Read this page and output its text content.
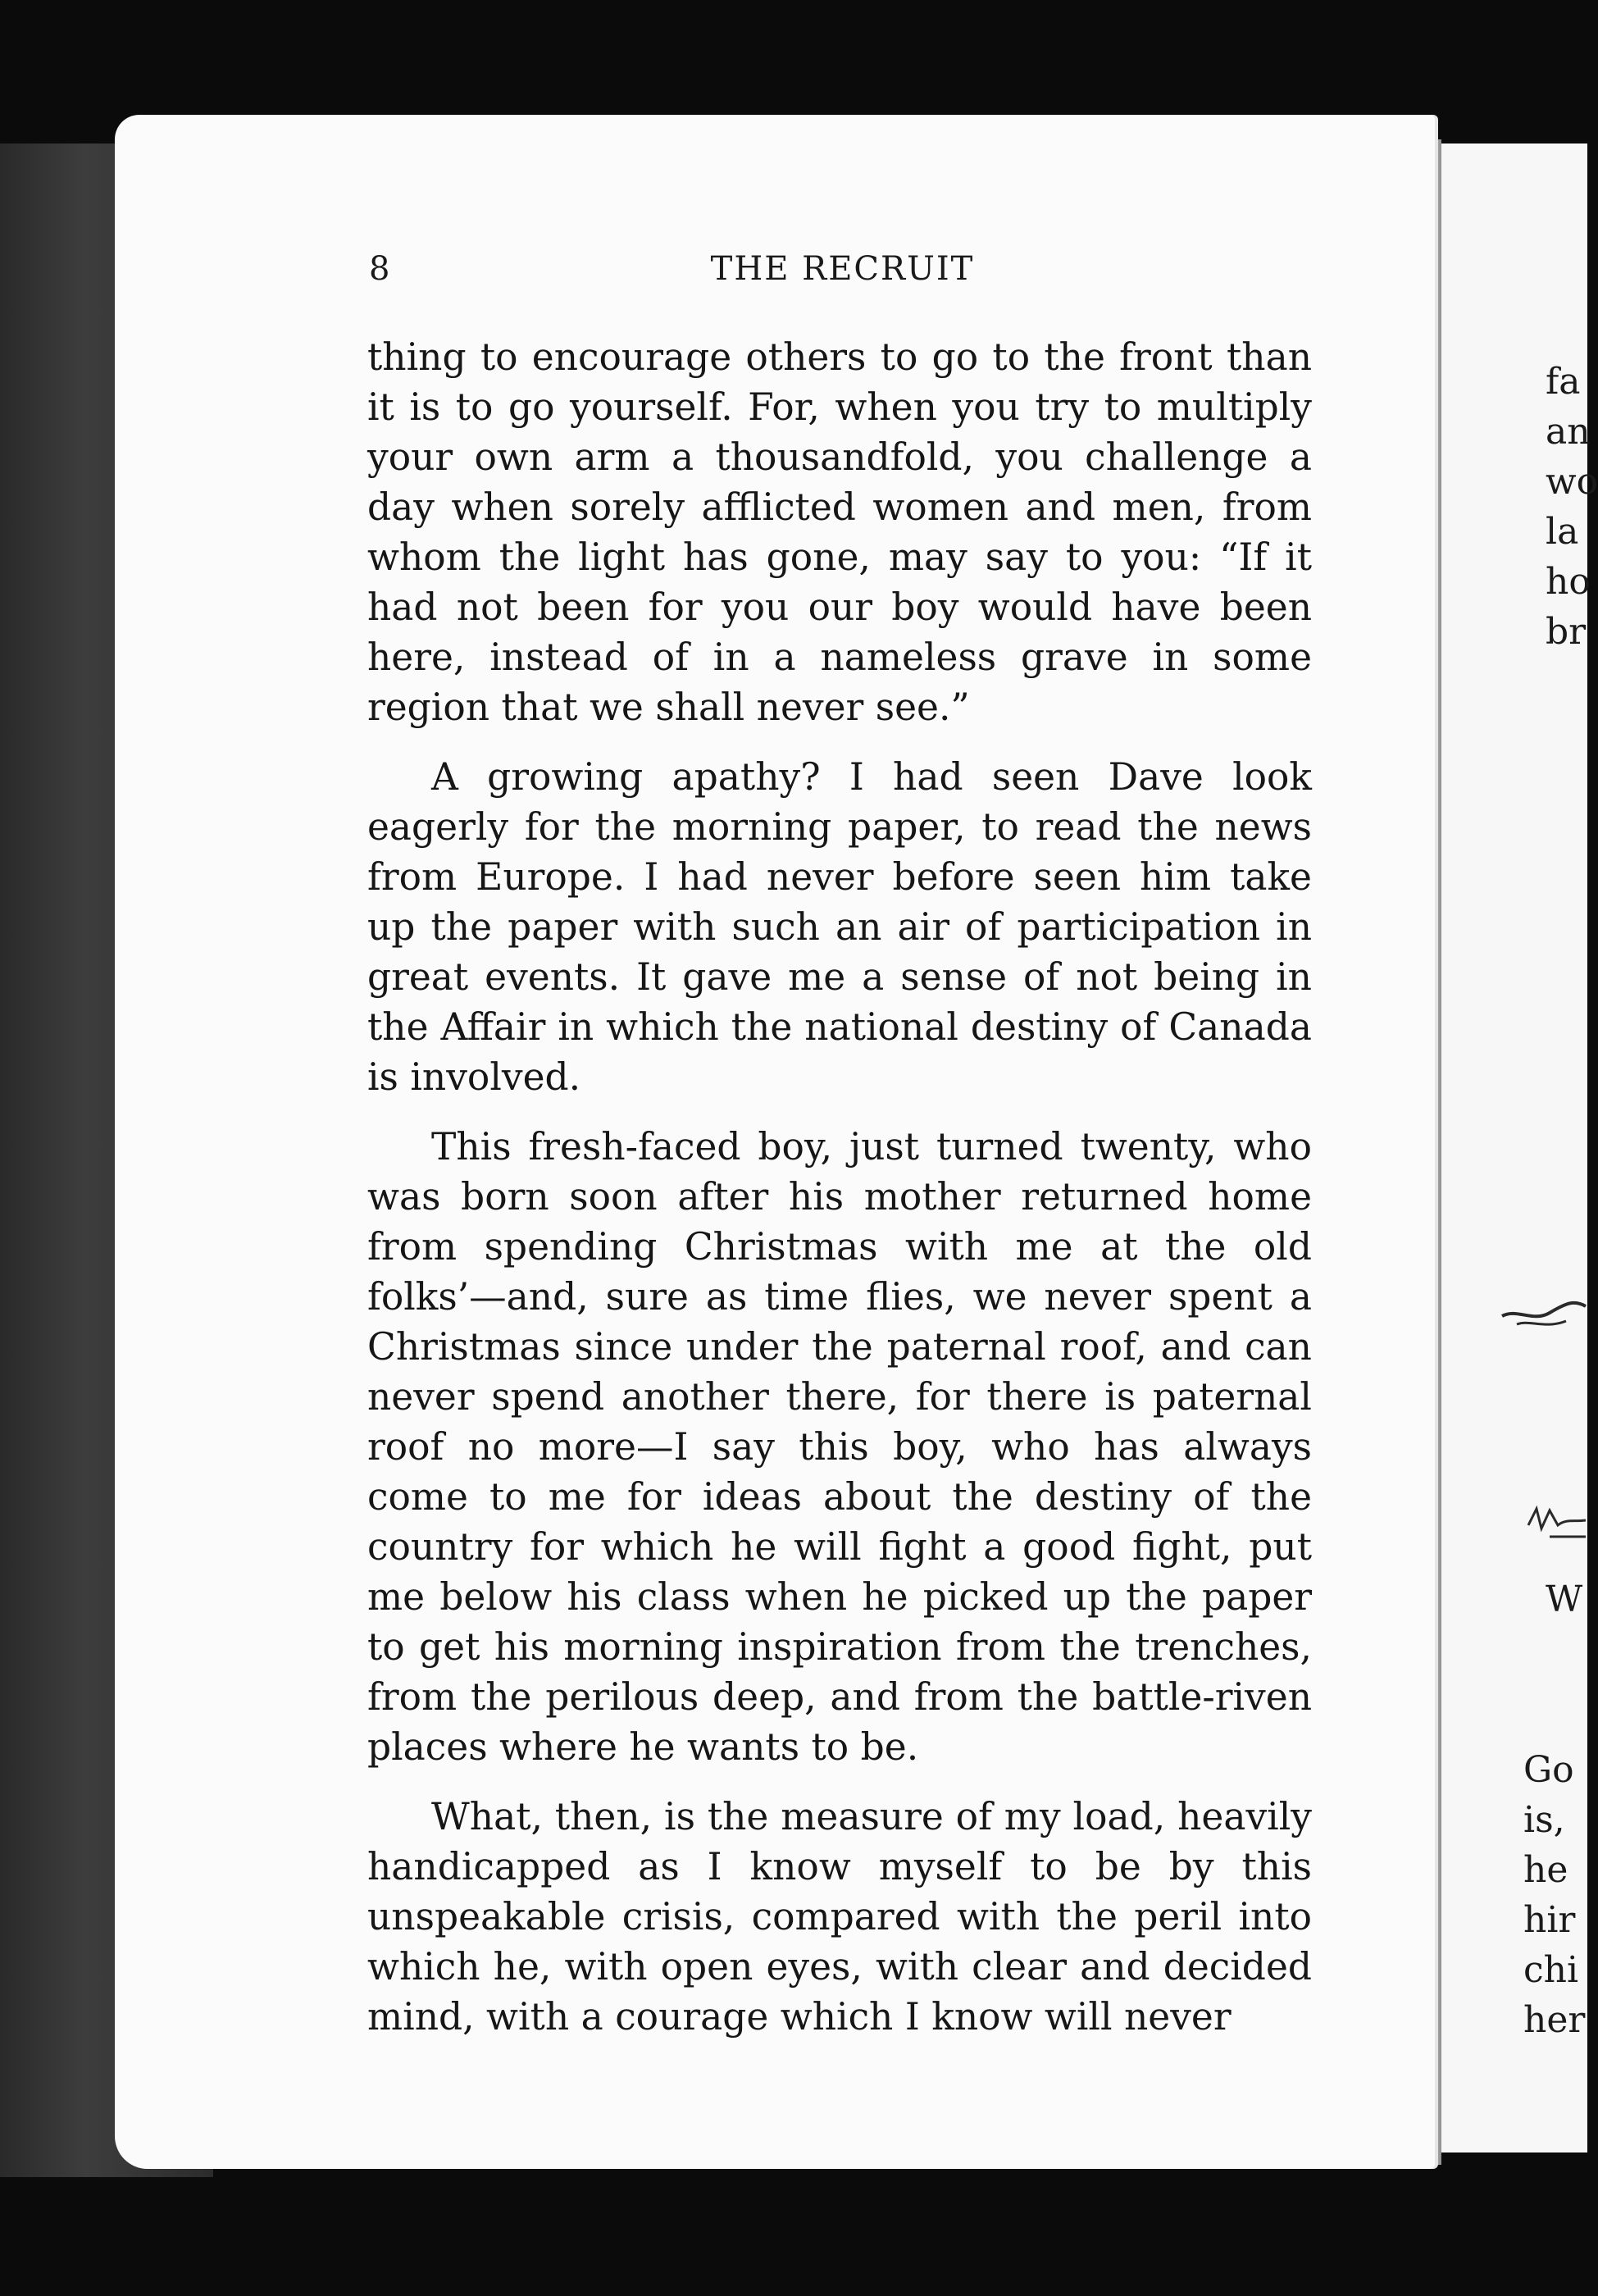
8	THE RECRUIT

thing to encourage others to go to the front than it is to go yourself. For, when you try to multiply your own arm a thousandfold, you challenge a day when sorely afflicted women and men, from whom the light has gone, may say to you: “If it had not been for you our boy would have been here, instead of in a nameless grave in some region that we shall never see.”

A growing apathy? I had seen Dave look eagerly for the morning paper, to read the news from Europe. I had never before seen him take up the paper with such an air of participation in great events. It gave me a sense of not being in the Affair in which the national destiny of Canada is involved.

This fresh-faced boy, just turned twenty, who was born soon after his mother returned home from spending Christmas with me at the old folks’—and, sure as time flies, we never spent a Christmas since under the paternal roof, and can never spend another there, for there is paternal roof no more—I say this boy, who has always come to me for ideas about the destiny of the country for which he will fight a good fight, put me below his class when he picked up the paper to get his morning inspiration from the trenches, from the perilous deep, and from the battle-riven places where he wants to be.

What, then, is the measure of my load, heavily handicapped as I know myself to be by this unspeakable crisis, compared with the peril into which he, with open eyes, with clear and decided mind, with a courage which I know will never

fa
an
wo
la
ho
br
W
Go
is,
he
hir
chi
her
